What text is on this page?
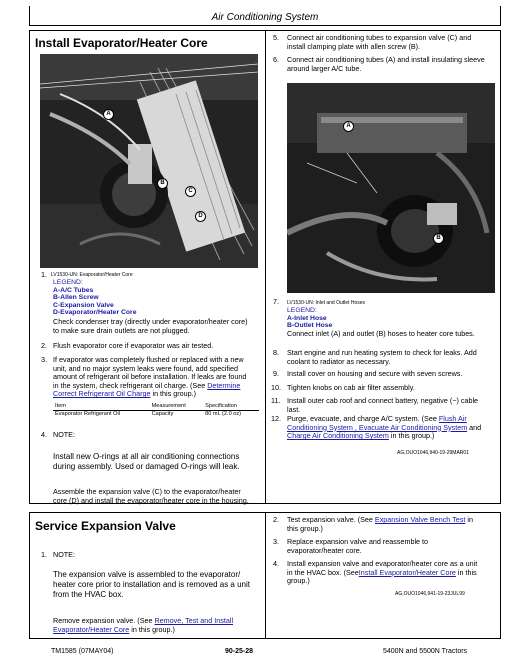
Air Conditioning System
Install Evaporator/Heater Core
A
B
C
D
1. LV1530-UN: Evaporator/Heater Core
LEGEND:
A-A/C Tubes
B-Allen Screw
C-Expansion Valve
D-Evaporator/Heater Core
Check condenser tray (directly under evaporator/heater core)
to make sure drain outlets are not plugged.
2. Flush evaporator core if evaporator was air tested.
3. If evaporator was completely flushed or replaced with a new
unit, and no major system leaks were found, add specified
amount of refrigerant oil before installation. If leaks are found
in the system, check refrigerant oil charge. (See Determine
Correct Refrigerant Oil Charge in this group.)
Item	Measurement	Specification
Evaporator Refrigerant Oil	Capacity	80 mL (2.0 oz)
4. NOTE:
Install new O-rings at all air conditioning connections
during assembly. Used or damaged O-rings will leak.
Assemble the expansion valve (C) to the evaporator/heater
core (D) and install the evaporator/heater core in the housing.
5. Connect air conditioning tubes to expansion valve (C) and
install clamping plate with allen screw (B).
6. Connect air conditioning tubes (A) and install insulating sleeve
around larger A/C tube.
A
B
7. LV1530-UN: Inlet and Outlet Hoses
LEGEND:
A-Inlet Hose
B-Outlet Hose
Connect inlet (A) and outlet (B) hoses to heater core tubes.
8. Start engine and run heating system to check for leaks. Add
coolant to radiator as necessary.
9. Install cover on housing and secure with seven screws.
10. Tighten knobs on cab air filter assembly.
11. Install outer cab roof and connect battery, negative (−) cable
last.
12. Purge, evacuate, and charge A/C system. (See Flush Air
Conditioning System , Evacuate Air Conditioning System and
Charge Air Conditioning System in this group.)
AG,OUO1046,940-19-29MAR01
Service Expansion Valve
1. NOTE:
The expansion valve is assembled to the evaporator/
heater core prior to installation and is removed as a unit
from the HVAC box.
Remove expansion valve. (See Remove, Test and Install
Evaporator/Heater Core in this group.)
2. Test expansion valve. (See Expansion Valve Bench Test in
this group.)
3. Replace expansion valve and reassemble to
evaporator/heater core.
4. Install expansion valve and evaporator/heater core as a unit
in the HVAC box. (SeeInstall Evaporator/Heater Core in this
group.)
AG,OUO1046,941-19-23JUL99
TM1585 (07MAY04)	90-25-28	5400N and 5500N Tractors
